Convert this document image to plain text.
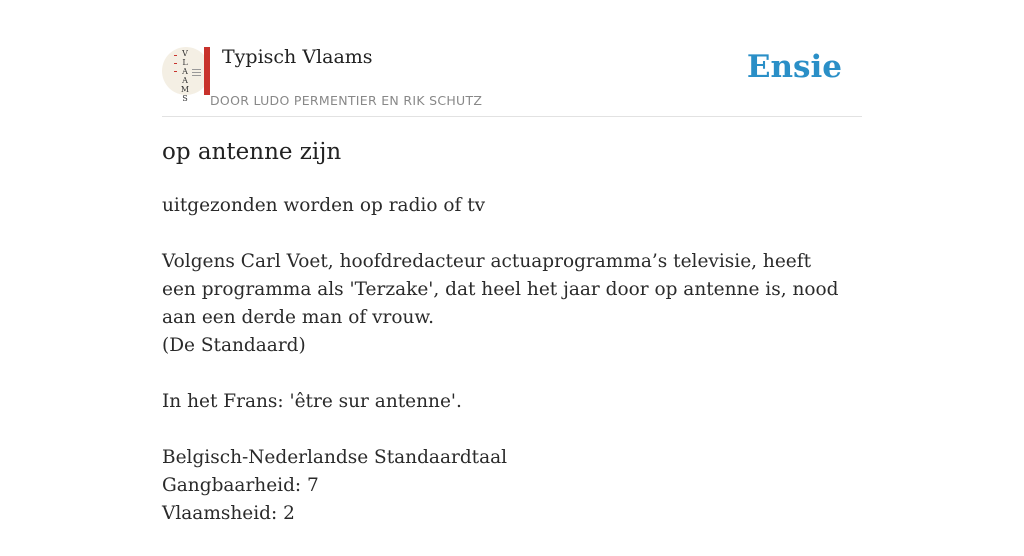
V
L
A
A
M
S
Typisch Vlaams
DOOR LUDO PERMENTIER EN RIK SCHUTZ
Ensie
op antenne zijn

uitgezonden worden op radio of tv

Volgens Carl Voet, hoofdredacteur actuaprogramma’s televisie, heeft een programma als 'Terzake', dat heel het jaar door op antenne is, nood aan een derde man of vrouw.
(De Standaard)

In het Frans: 'être sur antenne'.

Belgisch-Nederlandse Standaardtaal
Gangbaarheid: 7
Vlaamsheid: 2
